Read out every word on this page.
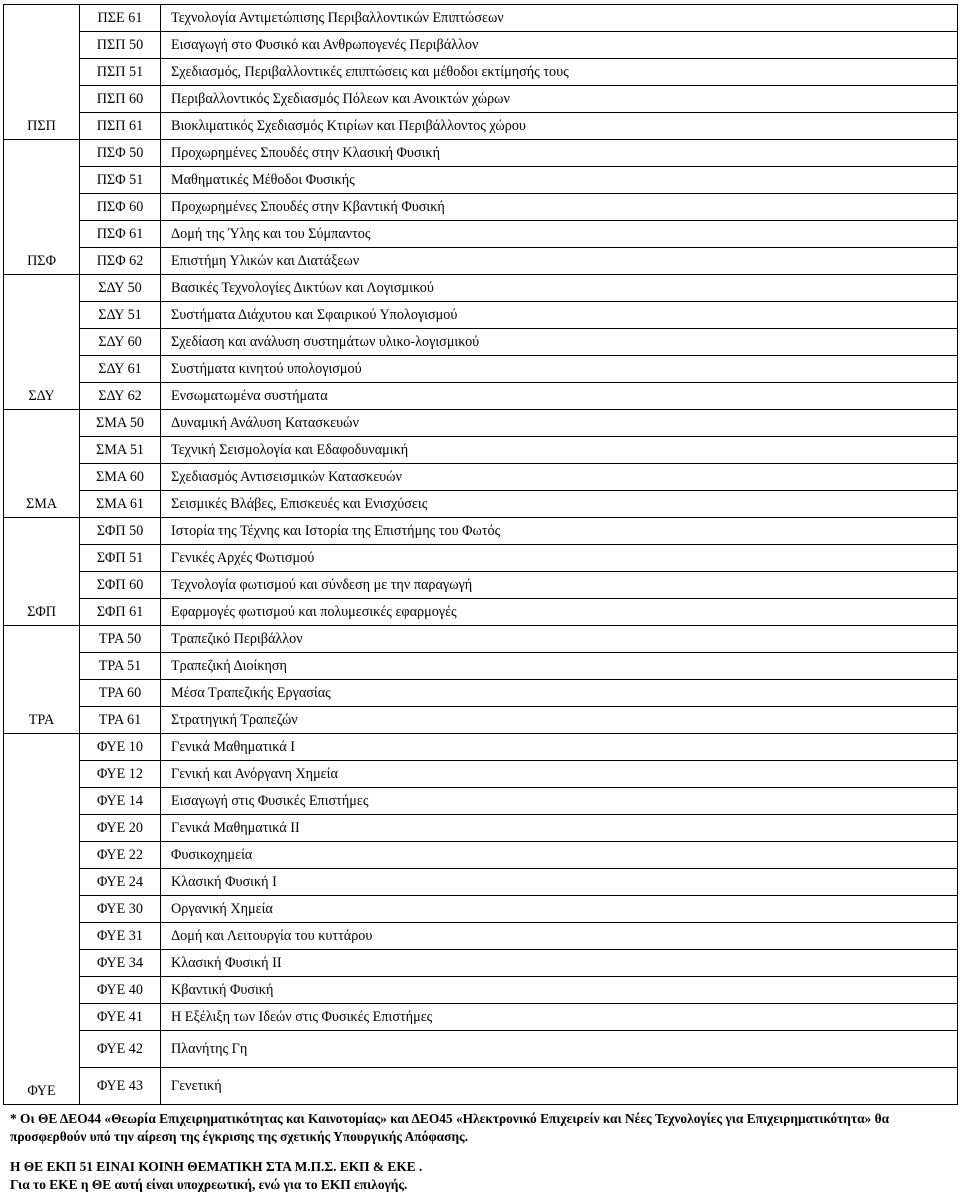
ΠΣΠ	ΠΣΕ 61	Τεχνολογία Αντιμετώπισης Περιβαλλοντικών Επιπτώσεων
	ΠΣΠ 50	Εισαγωγή στο Φυσικό και Ανθρωπογενές Περιβάλλον
	ΠΣΠ 51	Σχεδιασμός, Περιβαλλοντικές επιπτώσεις και μέθοδοι εκτίμησής τους
	ΠΣΠ 60	Περιβαλλοντικός Σχεδιασμός Πόλεων και Ανοικτών χώρων
	ΠΣΠ 61	Βιοκλιματικός Σχεδιασμός Κτιρίων και Περιβάλλοντος χώρου
ΠΣΦ	ΠΣΦ 50	Προχωρημένες Σπουδές στην Κλασική Φυσική
	ΠΣΦ 51	Μαθηματικές Μέθοδοι Φυσικής
	ΠΣΦ 60	Προχωρημένες Σπουδές στην Κβαντική Φυσική
	ΠΣΦ 61	Δομή της Ύλης και του Σύμπαντος
	ΠΣΦ 62	Επιστήμη Υλικών και Διατάξεων
ΣΔΥ	ΣΔΥ 50	Βασικές Τεχνολογίες Δικτύων και Λογισμικού
	ΣΔΥ 51	Συστήματα Διάχυτου και Σφαιρικού Υπολογισμού
	ΣΔΥ 60	Σχεδίαση και ανάλυση συστημάτων υλικο-λογισμικού
	ΣΔΥ 61	Συστήματα κινητού υπολογισμού
	ΣΔΥ 62	Ενσωματωμένα συστήματα
ΣΜΑ	ΣΜΑ 50	Δυναμική Ανάλυση Κατασκευών
	ΣΜΑ 51	Τεχνική Σεισμολογία και Εδαφοδυναμική
	ΣΜΑ 60	Σχεδιασμός Αντισεισμικών Κατασκευών
	ΣΜΑ 61	Σεισμικές Βλάβες, Επισκευές και Ενισχύσεις
ΣΦΠ	ΣΦΠ 50	Ιστορία της Τέχνης και Ιστορία της Επιστήμης του Φωτός
	ΣΦΠ 51	Γενικές Αρχές Φωτισμού
	ΣΦΠ 60	Τεχνολογία φωτισμού και σύνδεση με την παραγωγή
	ΣΦΠ 61	Εφαρμογές φωτισμού και πολυμεσικές εφαρμογές
ΤΡΑ	ΤΡΑ 50	Τραπεζικό Περιβάλλον
	ΤΡΑ 51	Τραπεζική Διοίκηση
	ΤΡΑ 60	Μέσα Τραπεζικής Εργασίας
	ΤΡΑ 61	Στρατηγική Τραπεζών
ΦΥΕ	ΦΥΕ 10	Γενικά Μαθηματικά Ι
	ΦΥΕ 12	Γενική και Ανόργανη Χημεία
	ΦΥΕ 14	Εισαγωγή στις Φυσικές Επιστήμες
	ΦΥΕ 20	Γενικά Μαθηματικά ΙΙ
	ΦΥΕ 22	Φυσικοχημεία
	ΦΥΕ 24	Κλασική Φυσική Ι
	ΦΥΕ 30	Οργανική Χημεία
	ΦΥΕ 31	Δομή και Λειτουργία του κυττάρου
	ΦΥΕ 34	Κλασική Φυσική ΙΙ
	ΦΥΕ 40	Κβαντική Φυσική
	ΦΥΕ 41	Η Εξέλιξη των Ιδεών στις Φυσικές Επιστήμες
	ΦΥΕ 42	Πλανήτης Γη
	ΦΥΕ 43	Γενετική

* Οι ΘΕ ΔΕΟ44 «Θεωρία Επιχειρηματικότητας και Καινοτομίας» και ΔΕΟ45 «Ηλεκτρονικό Επιχειρείν και Νέες Τεχνολογίες για Επιχειρηματικότητα» θα προσφερθούν υπό την αίρεση της έγκρισης της σχετικής Υπουργικής Απόφασης.

Η ΘΕ ΕΚΠ 51 ΕΙΝΑΙ ΚΟΙΝΗ ΘΕΜΑΤΙΚΗ ΣΤΑ Μ.Π.Σ. ΕΚΠ & ΕΚΕ .

Για το ΕΚΕ η ΘΕ αυτή είναι υποχρεωτική, ενώ για το ΕΚΠ επιλογής.
